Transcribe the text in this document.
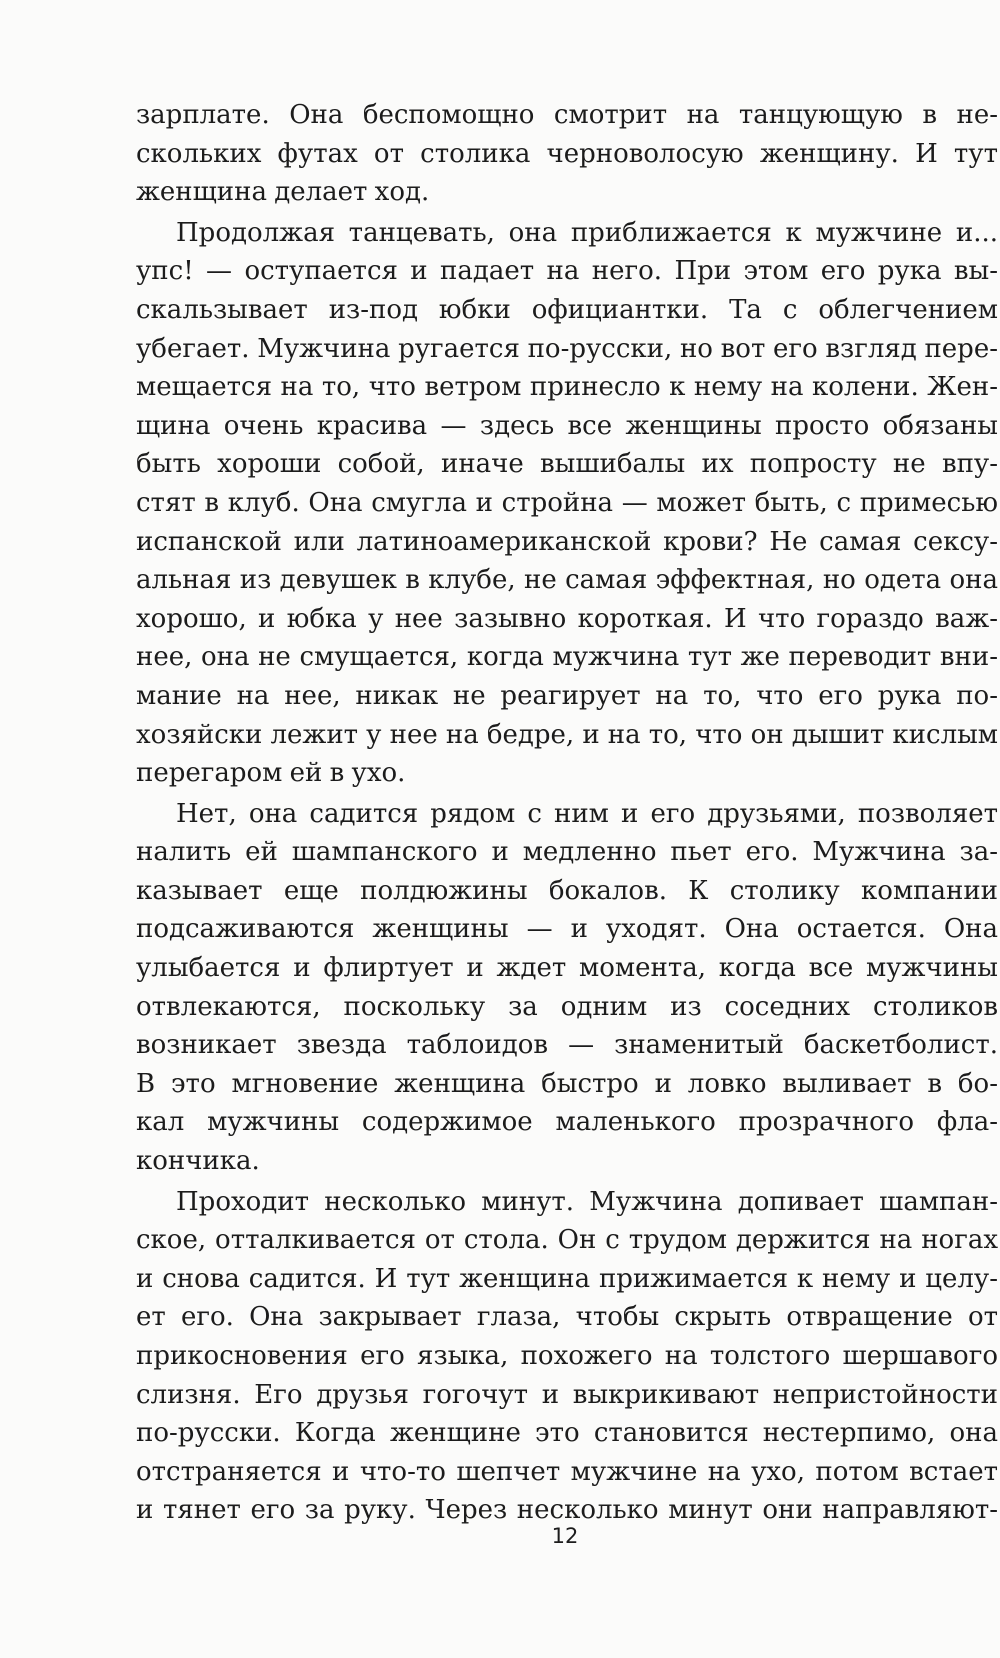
зарплате. Она беспомощно смотрит на танцующую в не-
скольких футах от столика черноволосую женщину. И тут
женщина делает ход.
Продолжая танцевать, она приближается к мужчине и...
упс! — оступается и падает на него. При этом его рука вы-
скальзывает из-под юбки официантки. Та с облегчением
убегает. Мужчина ругается по-русски, но вот его взгляд пере-
мещается на то, что ветром принесло к нему на колени. Жен-
щина очень красива — здесь все женщины просто обязаны
быть хороши собой, иначе вышибалы их попросту не впу-
стят в клуб. Она смугла и стройна — может быть, с примесью
испанской или латиноамериканской крови? Не самая сексу-
альная из девушек в клубе, не самая эффектная, но одета она
хорошо, и юбка у нее зазывно короткая. И что гораздо важ-
нее, она не смущается, когда мужчина тут же переводит вни-
мание на нее, никак не реагирует на то, что его рука по-
хозяйски лежит у нее на бедре, и на то, что он дышит кислым
перегаром ей в ухо.
Нет, она садится рядом с ним и его друзьями, позволяет
налить ей шампанского и медленно пьет его. Мужчина за-
казывает еще полдюжины бокалов. К столику компании
подсаживаются женщины — и уходят. Она остается. Она
улыбается и флиртует и ждет момента, когда все мужчины
отвлекаются, поскольку за одним из соседних столиков
возникает звезда таблоидов — знаменитый баскетболист.
В это мгновение женщина быстро и ловко выливает в бо-
кал мужчины содержимое маленького прозрачного фла-
кончика.
Проходит несколько минут. Мужчина допивает шампан-
ское, отталкивается от стола. Он с трудом держится на ногах
и снова садится. И тут женщина прижимается к нему и целу-
ет его. Она закрывает глаза, чтобы скрыть отвращение от
прикосновения его языка, похожего на толстого шершавого
слизня. Его друзья гогочут и выкрикивают непристойности
по-русски. Когда женщине это становится нестерпимо, она
отстраняется и что-то шепчет мужчине на ухо, потом встает
и тянет его за руку. Через несколько минут они направляют-
12
